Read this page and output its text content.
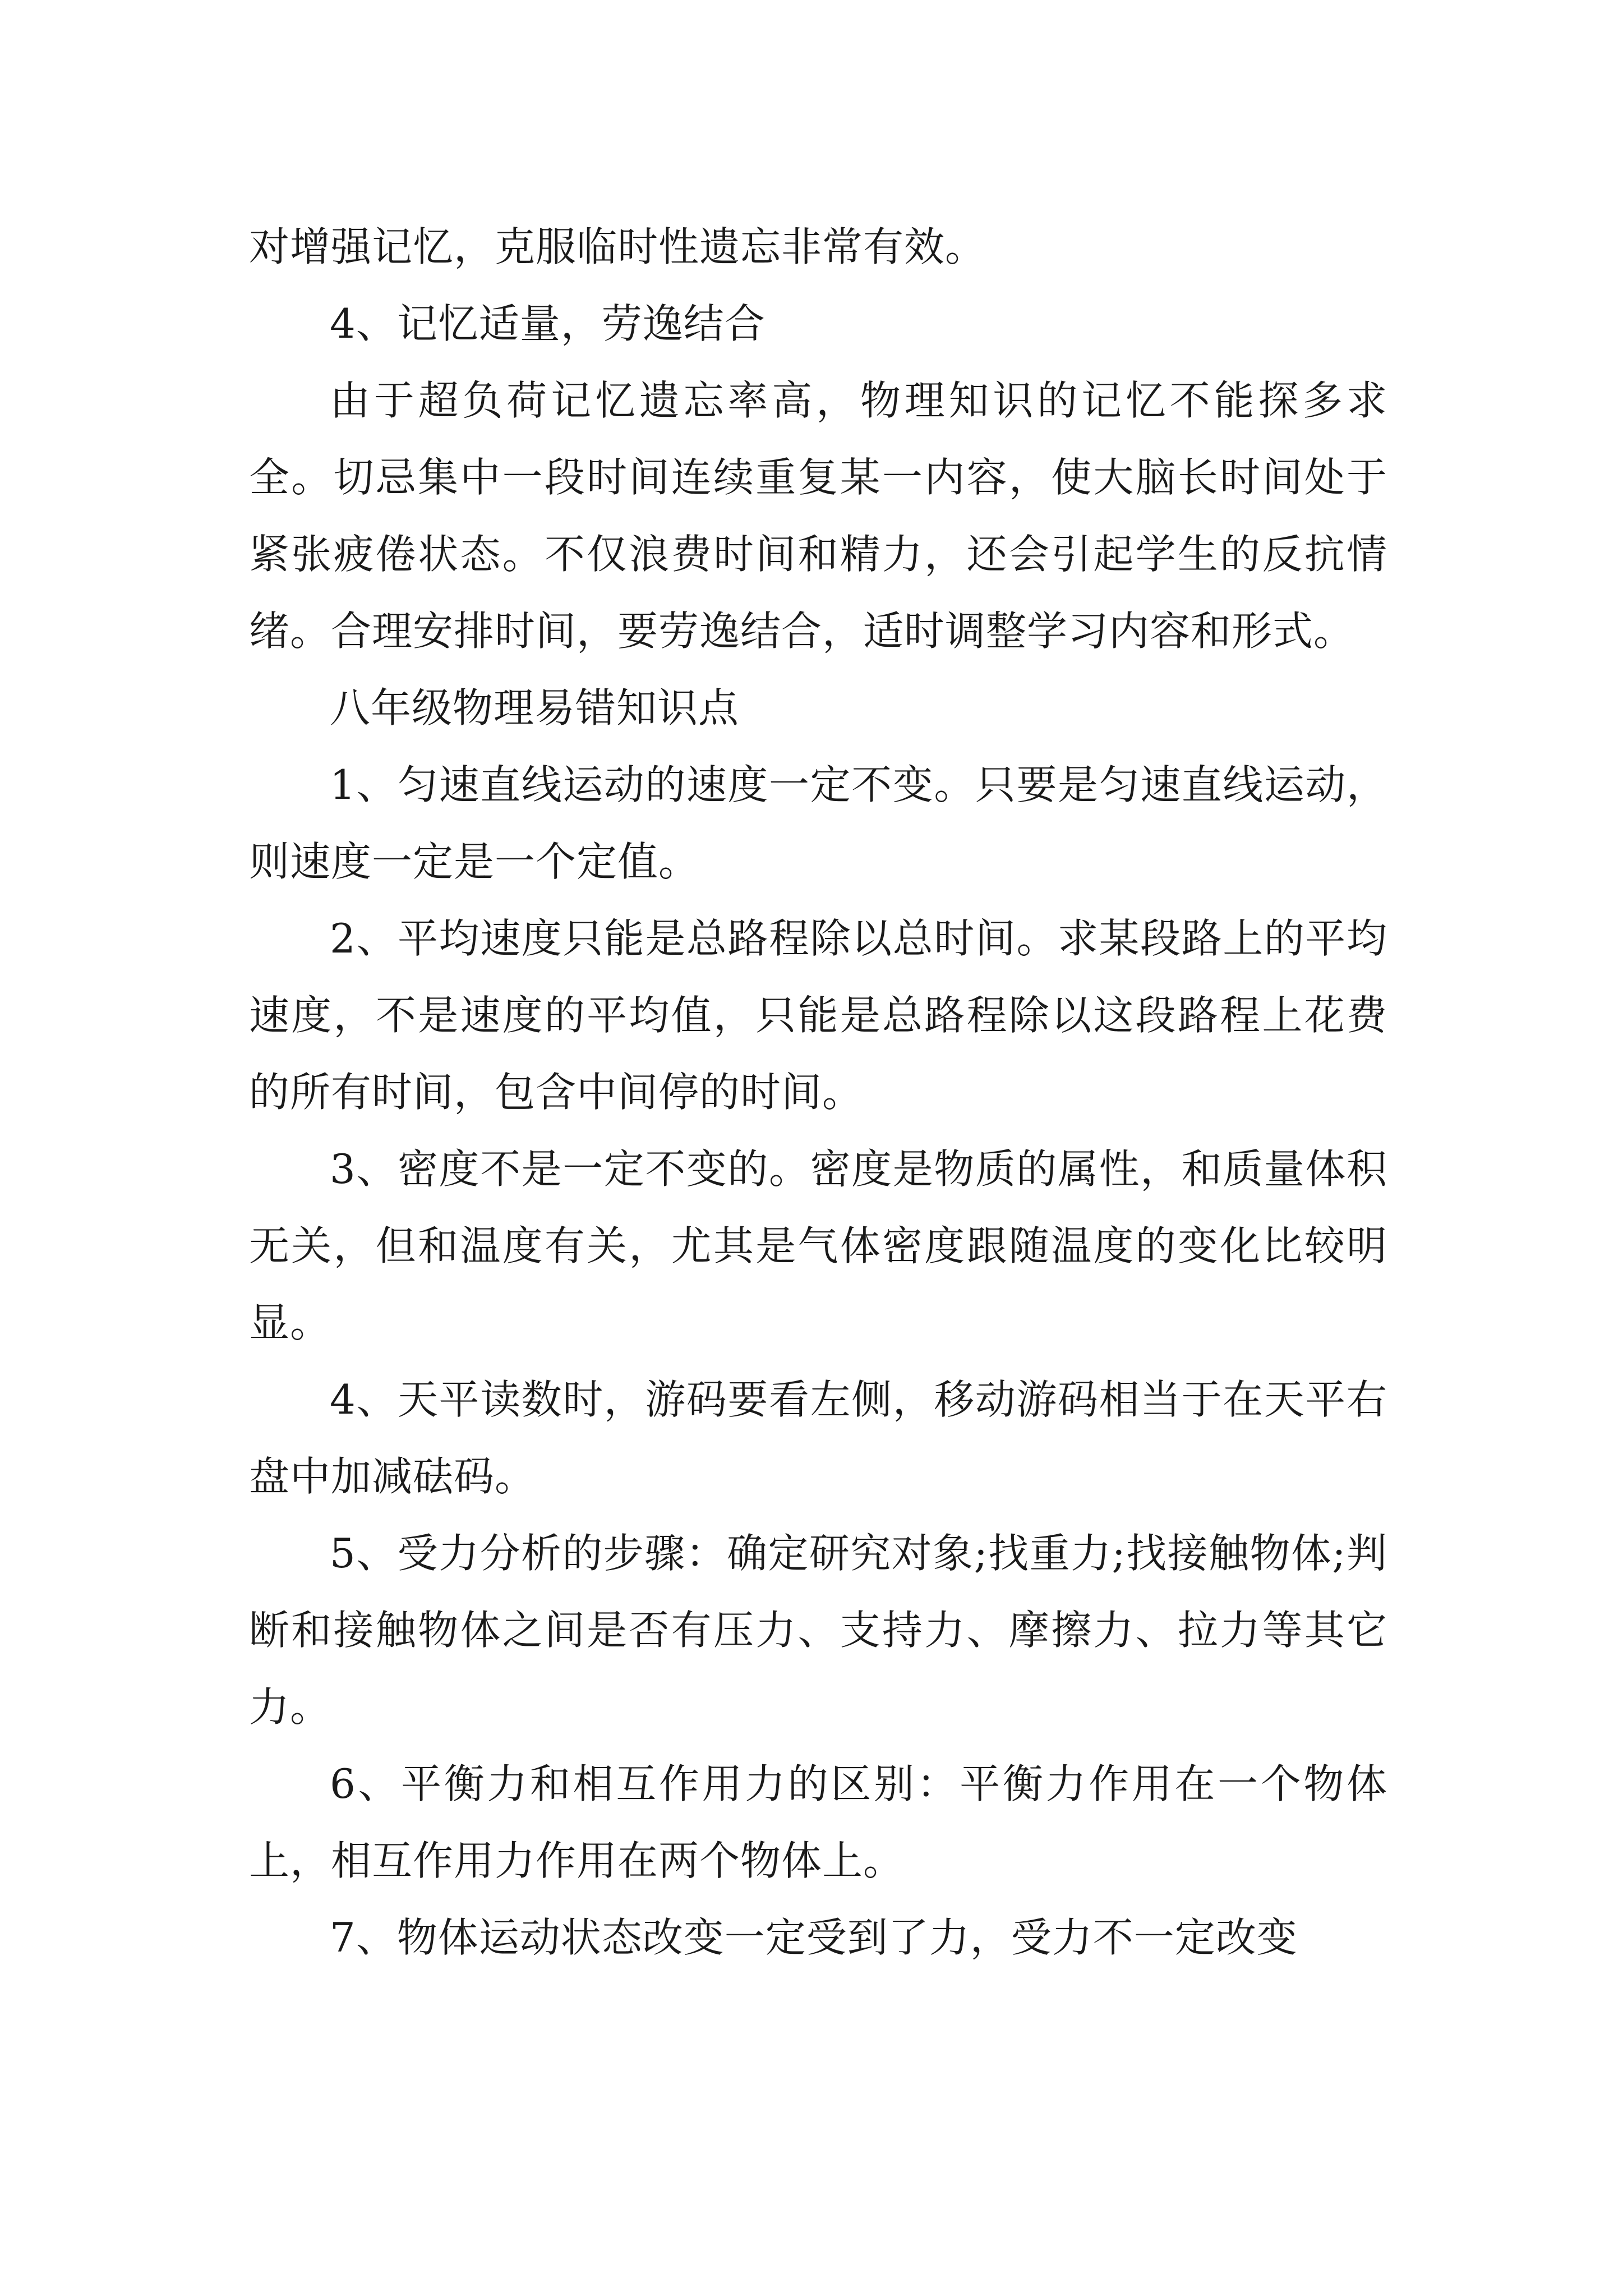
对增强记忆，克服临时性遗忘非常有效。

4、记忆适量，劳逸结合

由于超负荷记忆遗忘率高，物理知识的记忆不能探多求全。切忌集中一段时间连续重复某一内容，使大脑长时间处于紧张疲倦状态。不仅浪费时间和精力，还会引起学生的反抗情绪。合理安排时间，要劳逸结合，适时调整学习内容和形式。

八年级物理易错知识点

1、匀速直线运动的速度一定不变。只要是匀速直线运动，则速度一定是一个定值。

2、平均速度只能是总路程除以总时间。求某段路上的平均速度，不是速度的平均值，只能是总路程除以这段路程上花费的所有时间，包含中间停的时间。

3、密度不是一定不变的。密度是物质的属性，和质量体积无关，但和温度有关，尤其是气体密度跟随温度的变化比较明显。

4、天平读数时，游码要看左侧，移动游码相当于在天平右盘中加减砝码。

5、受力分析的步骤：确定研究对象;找重力;找接触物体;判断和接触物体之间是否有压力、支持力、摩擦力、拉力等其它力。

6、平衡力和相互作用力的区别：平衡力作用在一个物体上，相互作用力作用在两个物体上。

7、物体运动状态改变一定受到了力，受力不一定改变
